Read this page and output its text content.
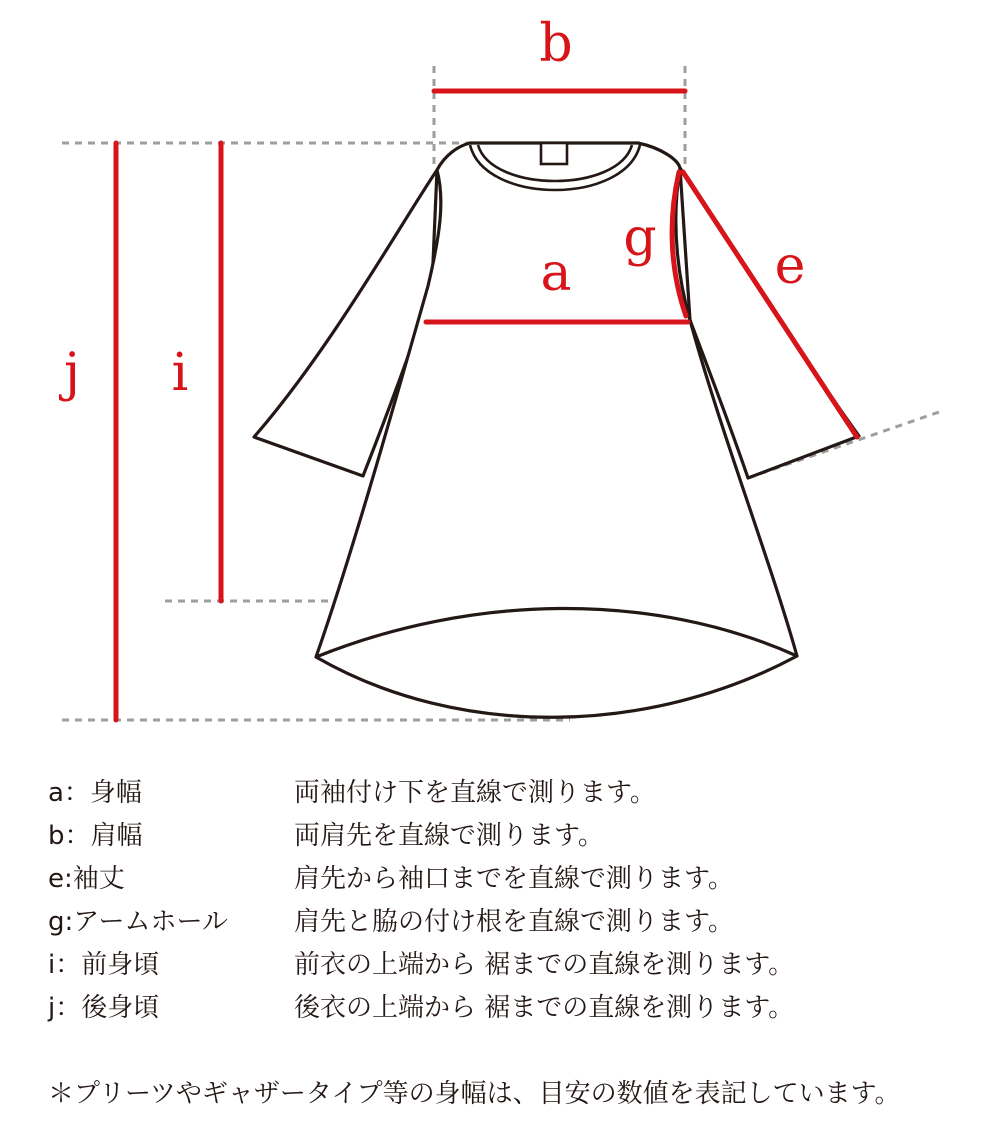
b
a
g e
i
j
a：身幅	両袖付け下を直線で測ります。
b：肩幅	両肩先を直線で測ります。
e:袖丈	肩先から袖口までを直線で測ります。
g:アームホール	肩先と脇の付け根を直線で測ります。
i：前身頃	前衣の上端から 裾までの直線を測ります。
j：後身頃	後衣の上端から 裾までの直線を測ります。
＊プリーツやギャザータイプ等の身幅は、目安の数値を表記しています。
